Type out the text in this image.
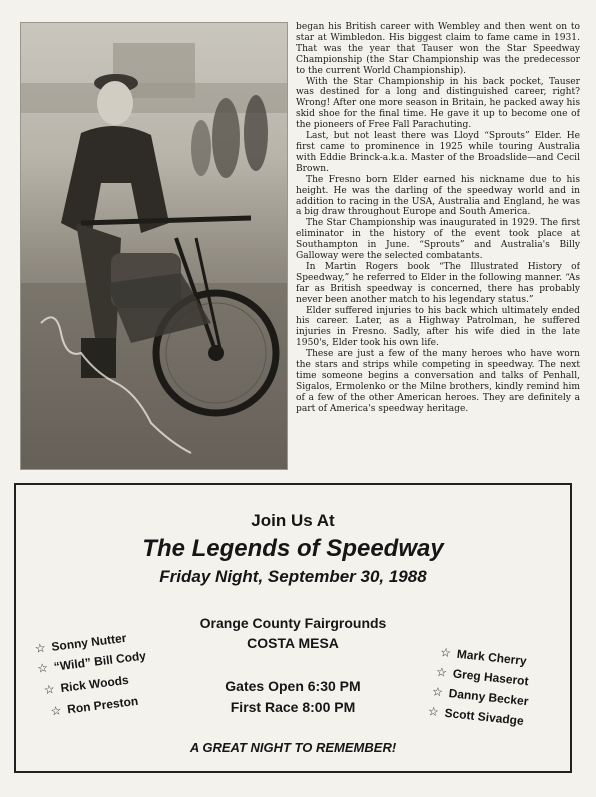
began his British career with Wembley and then went on to star at Wimbledon. His biggest claim to fame came in 1931. That was the year that Tauser won the Star Speedway Championship (the Star Championship was the predecessor to the current World Championship).

With the Star Championship in his back pocket, Tauser was destined for a long and distinguished career, right? Wrong! After one more season in Britain, he packed away his skid shoe for the final time. He gave it up to become one of the pioneers of Free Fall Parachuting.

Last, but not least there was Lloyd “Sprouts” Elder. He first came to prominence in 1925 while touring Australia with Eddie Brinck-a.k.a. Master of the Broadslide—and Cecil Brown.

The Fresno born Elder earned his nickname due to his height. He was the darling of the speedway world and in addition to racing in the USA, Australia and England, he was a big draw throughout Europe and South America.

The Star Championship was inaugurated in 1929. The first eliminator in the history of the event took place at Southampton in June. “Sprouts” and Australia's Billy Galloway were the selected combatants.

In Martin Rogers book “The Illustrated History of Speedway,” he referred to Elder in the following manner. “As far as British speedway is concerned, there has probably never been another match to his legendary status.”

Elder suffered injuries to his back which ultimately ended his career. Later, as a Highway Patrolman, he suffered injuries in Fresno. Sadly, after his wife died in the late 1950's, Elder took his own life.

These are just a few of the many heroes who have worn the stars and strips while competing in speedway. The next time someone begins a conversation and talks of Penhall, Sigalos, Ermolenko or the Milne brothers, kindly remind him of a few of the other American heroes. They are definitely a part of America's speedway heritage.

Join Us At
The Legends of Speedway
Friday Night, September 30, 1988
Orange County Fairgrounds
COSTA MESA
Gates Open 6:30 PM
First Race 8:00 PM
A GREAT NIGHT TO REMEMBER!
☆ Sonny Nutter
☆ “Wild” Bill Cody
☆ Rick Woods
☆ Ron Preston
☆ Mark Cherry
☆ Greg Haserot
☆ Danny Becker
☆ Scott Sivadge
